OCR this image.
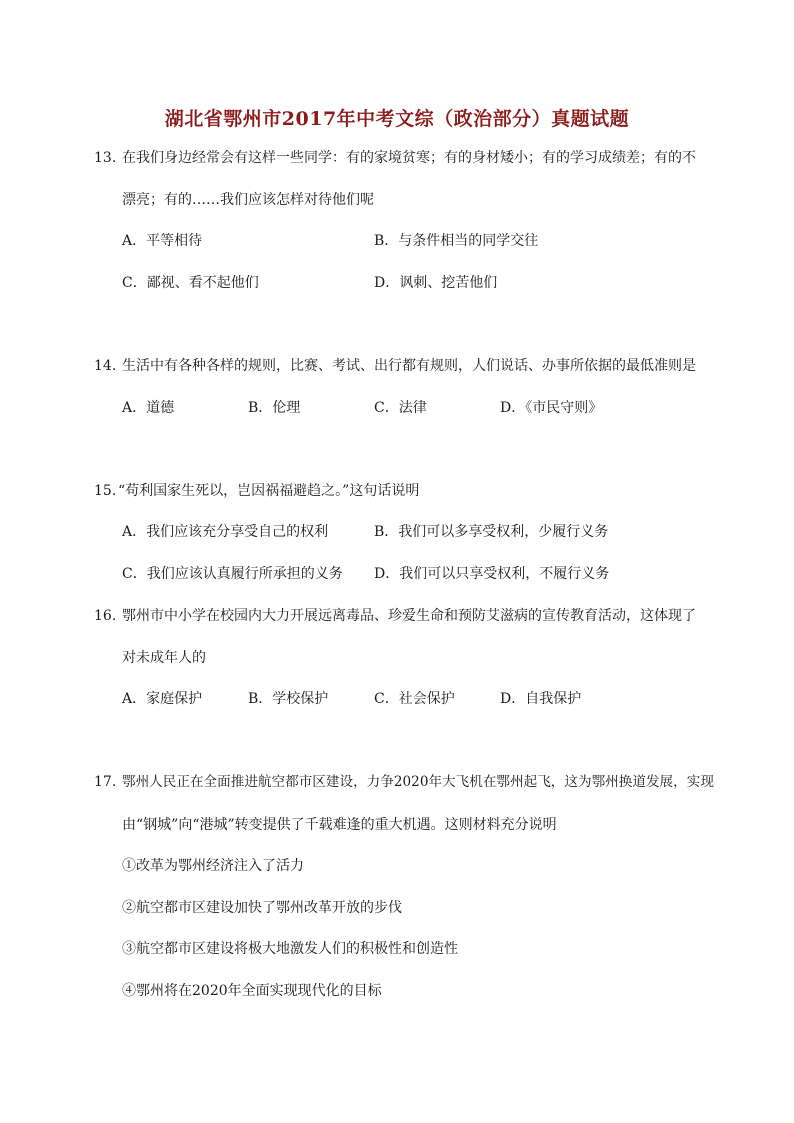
湖北省鄂州市2017年中考文综（政治部分）真题试题
13. 在我们身边经常会有这样一些同学：有的家境贫寒；有的身材矮小；有的学习成绩差；有的不
漂亮；有的……我们应该怎样对待他们呢
A．平等相待	B．与条件相当的同学交往
C．鄙视、看不起他们	D．讽刺、挖苦他们
14. 生活中有各种各样的规则，比赛、考试、出行都有规则，人们说话、办事所依据的最低准则是
A．道德	B．伦理	C．法律	D．《市民守则》
15. “苟利国家生死以，岂因祸福避趋之。”这句话说明
A．我们应该充分享受自己的权利	B．我们可以多享受权利，少履行义务
C．我们应该认真履行所承担的义务 D．我们可以只享受权利，不履行义务
16. 鄂州市中小学在校园内大力开展远离毒品、珍爱生命和预防艾滋病的宣传教育活动，这体现了
对未成年人的
A．家庭保护	B．学校保护	C．社会保护	D．自我保护
17. 鄂州人民正在全面推进航空都市区建设，力争2020年大飞机在鄂州起飞，这为鄂州换道发展，实现
由“钢城”向“港城”转变提供了千载难逢的重大机遇。这则材料充分说明
①改革为鄂州经济注入了活力
②航空都市区建设加快了鄂州改革开放的步伐
③航空都市区建设将极大地激发人们的积极性和创造性
④鄂州将在2020年全面实现现代化的目标
